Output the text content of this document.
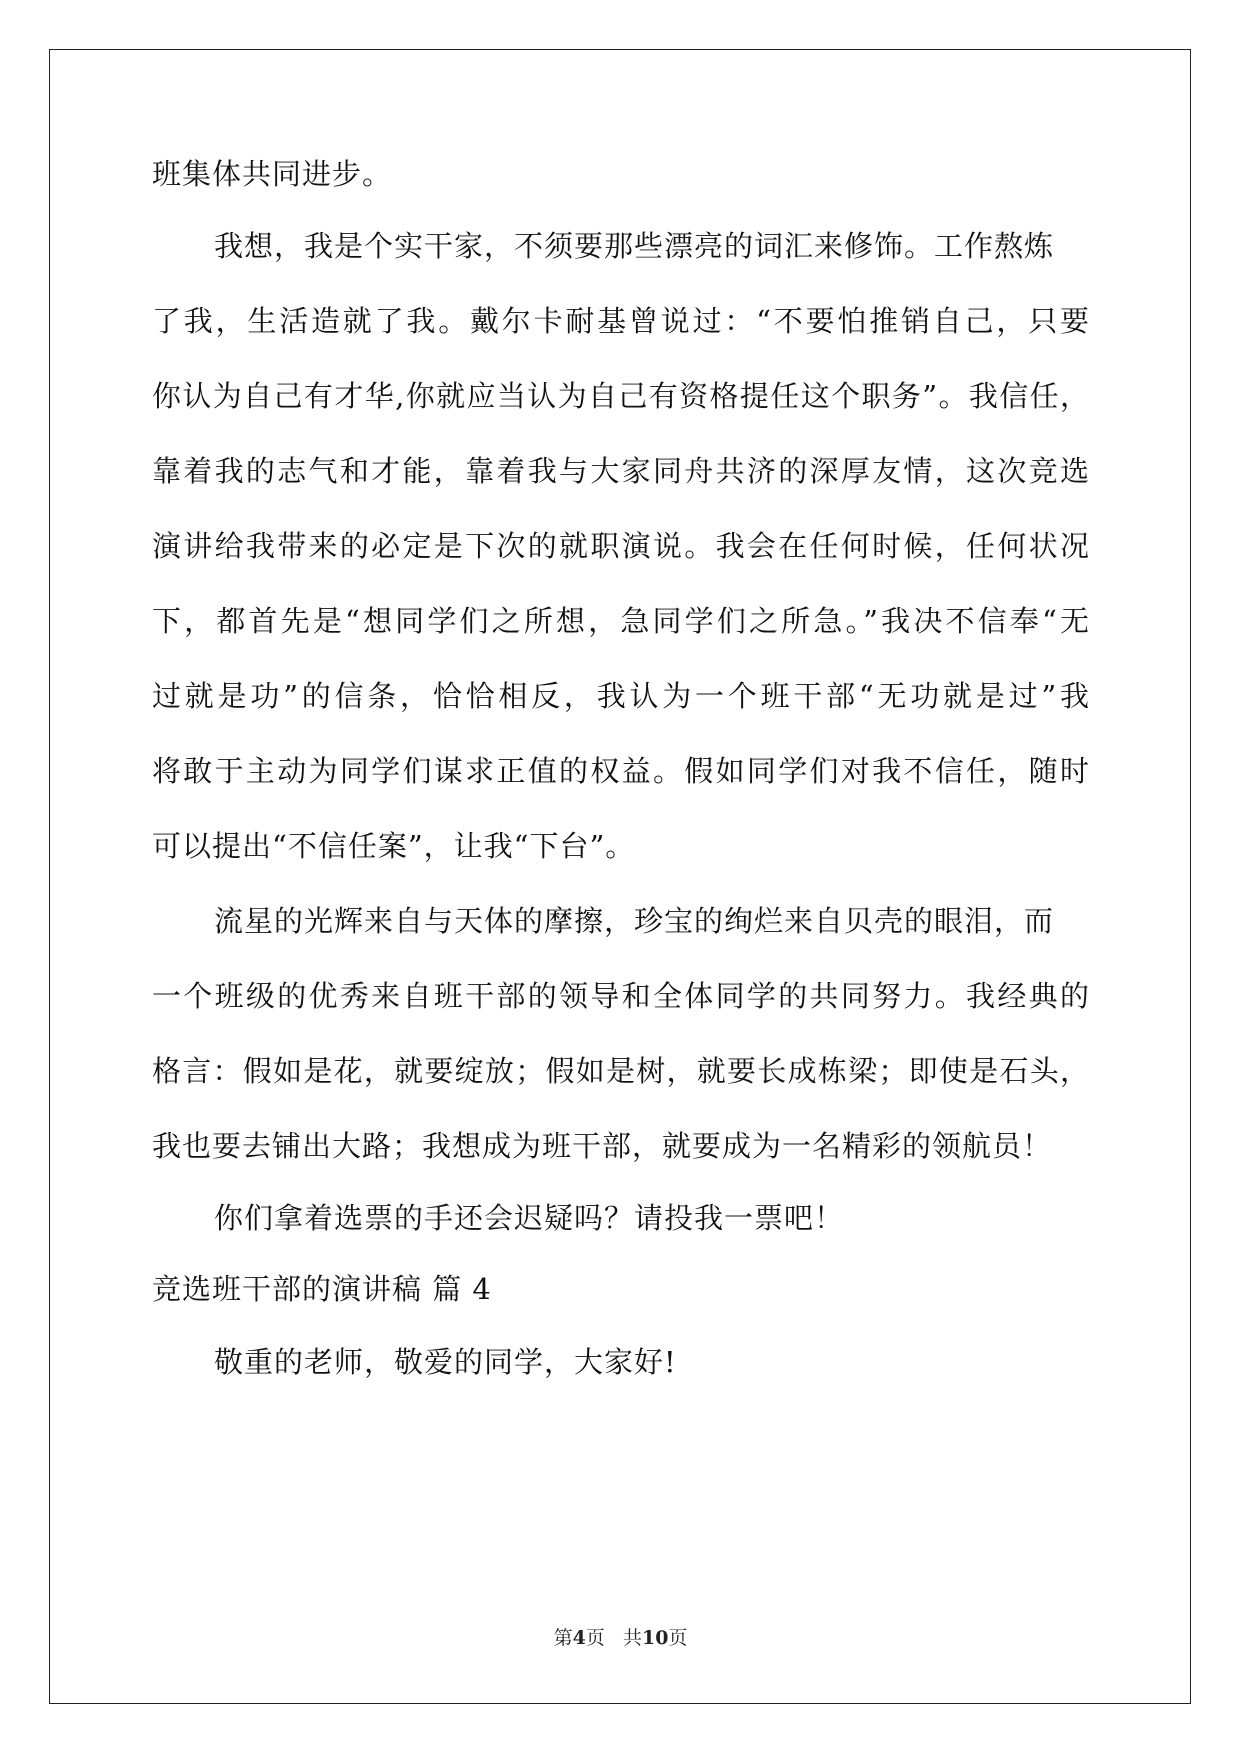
班集体共同进步。
我想，我是个实干家，不须要那些漂亮的词汇来修饰。工作熬炼
了我，生活造就了我。戴尔卡耐基曾说过：“不要怕推销自己，只要
你认为自己有才华,你就应当认为自己有资格提任这个职务”。我信任，
靠着我的志气和才能，靠着我与大家同舟共济的深厚友情，这次竞选
演讲给我带来的必定是下次的就职演说。我会在任何时候，任何状况
下，都首先是“想同学们之所想，急同学们之所急。”我决不信奉“无
过就是功”的信条，恰恰相反，我认为一个班干部“无功就是过”我
将敢于主动为同学们谋求正值的权益。假如同学们对我不信任，随时
可以提出“不信任案”，让我“下台”。
流星的光辉来自与天体的摩擦，珍宝的绚烂来自贝壳的眼泪，而
一个班级的优秀来自班干部的领导和全体同学的共同努力。我经典的
格言：假如是花，就要绽放；假如是树，就要长成栋梁；即使是石头，
我也要去铺出大路；我想成为班干部，就要成为一名精彩的领航员！
你们拿着选票的手还会迟疑吗？请投我一票吧！
竞选班干部的演讲稿 篇 4
敬重的老师，敬爱的同学，大家好!
第4页 共10页
